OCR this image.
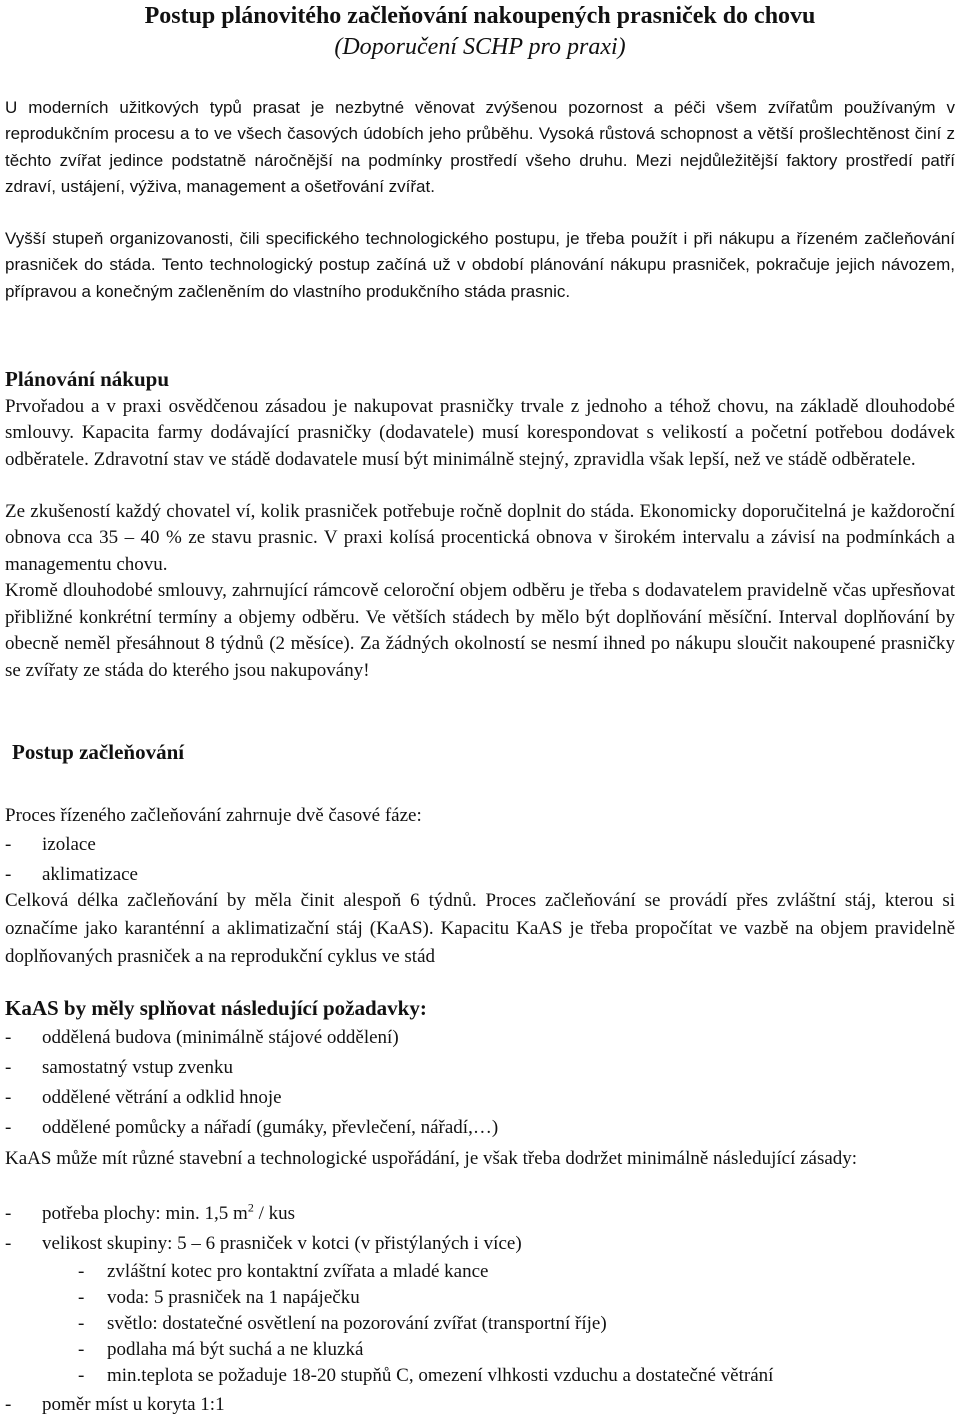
Postup plánovitého začleňování nakoupených prasniček do chovu
(Doporučení SCHP pro praxi)

U moderních užitkových typů prasat je nezbytné věnovat zvýšenou pozornost a péči všem zvířatům používaným v reprodukčním procesu a to ve všech časových údobích jeho průběhu. Vysoká růstová schopnost a větší prošlechtěnost činí z těchto zvířat jedince podstatně náročnější na podmínky prostředí všeho druhu. Mezi nejdůležitější faktory prostředí patří zdraví, ustájení, výživa, management a ošetřování zvířat.

Vyšší stupeň organizovanosti, čili specifického technologického postupu, je třeba použít i při nákupu a řízeném začleňování prasniček do stáda. Tento technologický postup začíná už v období plánování nákupu prasniček, pokračuje jejich návozem, přípravou a konečným začleněním do vlastního produkčního stáda prasnic.

Plánování nákupu

Prvořadou a v praxi osvědčenou zásadou je nakupovat prasničky trvale z jednoho a téhož chovu, na základě dlouhodobé smlouvy. Kapacita farmy dodávající prasničky (dodavatele) musí korespondovat s velikostí a početní potřebou dodávek odběratele. Zdravotní stav ve stádě dodavatele musí být minimálně stejný, zpravidla však lepší, než ve stádě odběratele.

Ze zkušeností každý chovatel ví, kolik prasniček potřebuje ročně doplnit do stáda. Ekonomicky doporučitelná je každoroční obnova cca 35 – 40 % ze stavu prasnic. V praxi kolísá procentická obnova v širokém intervalu a závisí na podmínkách a managementu chovu.

Kromě dlouhodobé smlouvy, zahrnující rámcově celoroční objem odběru je třeba s dodavatelem pravidelně včas upřesňovat přibližné konkrétní termíny a objemy odběru. Ve větších stádech by mělo být doplňování měsíční. Interval doplňování by obecně neměl přesáhnout 8 týdnů (2 měsíce). Za žádných okolností se nesmí ihned po nákupu sloučit nakoupené prasničky se zvířaty ze stáda do kterého jsou nakupovány!

Postup začleňování

Proces řízeného začleňování zahrnuje dvě časové fáze:

- izolace
- aklimatizace

Celková délka začleňování by měla činit alespoň 6 týdnů. Proces začleňování se provádí přes zvláštní stáj, kterou si označíme jako karanténní a aklimatizační stáj (KaAS). Kapacitu KaAS je třeba propočítat ve vazbě na objem pravidelně doplňovaných prasniček a na reprodukční cyklus ve stád

KaAS by měly splňovat následující požadavky:
- oddělená budova (minimálně stájové oddělení)
- samostatný vstup zvenku
- oddělené větrání a odklid hnoje
- oddělené pomůcky a nářadí (gumáky, převlečení, nářadí,…)

KaAS může mít různé stavební a technologické uspořádání, je však třeba dodržet minimálně následující zásady:

- potřeba plochy: min. 1,5 $m^2$ / kus
- velikost skupiny: 5 – 6 prasniček v kotci (v přistýlaných i více)
- zvláštní kotec pro kontaktní zvířata a mladé kance
- voda: 5 prasniček na 1 napáječku
- světlo: dostatečné osvětlení na pozorování zvířat (transportní říje)
- podlaha má být suchá a ne kluzká
- min.teplota se požaduje 18-20 stupňů C, omezení vlhkosti vzduchu a dostatečné větrání
- poměr míst u koryta 1:1
